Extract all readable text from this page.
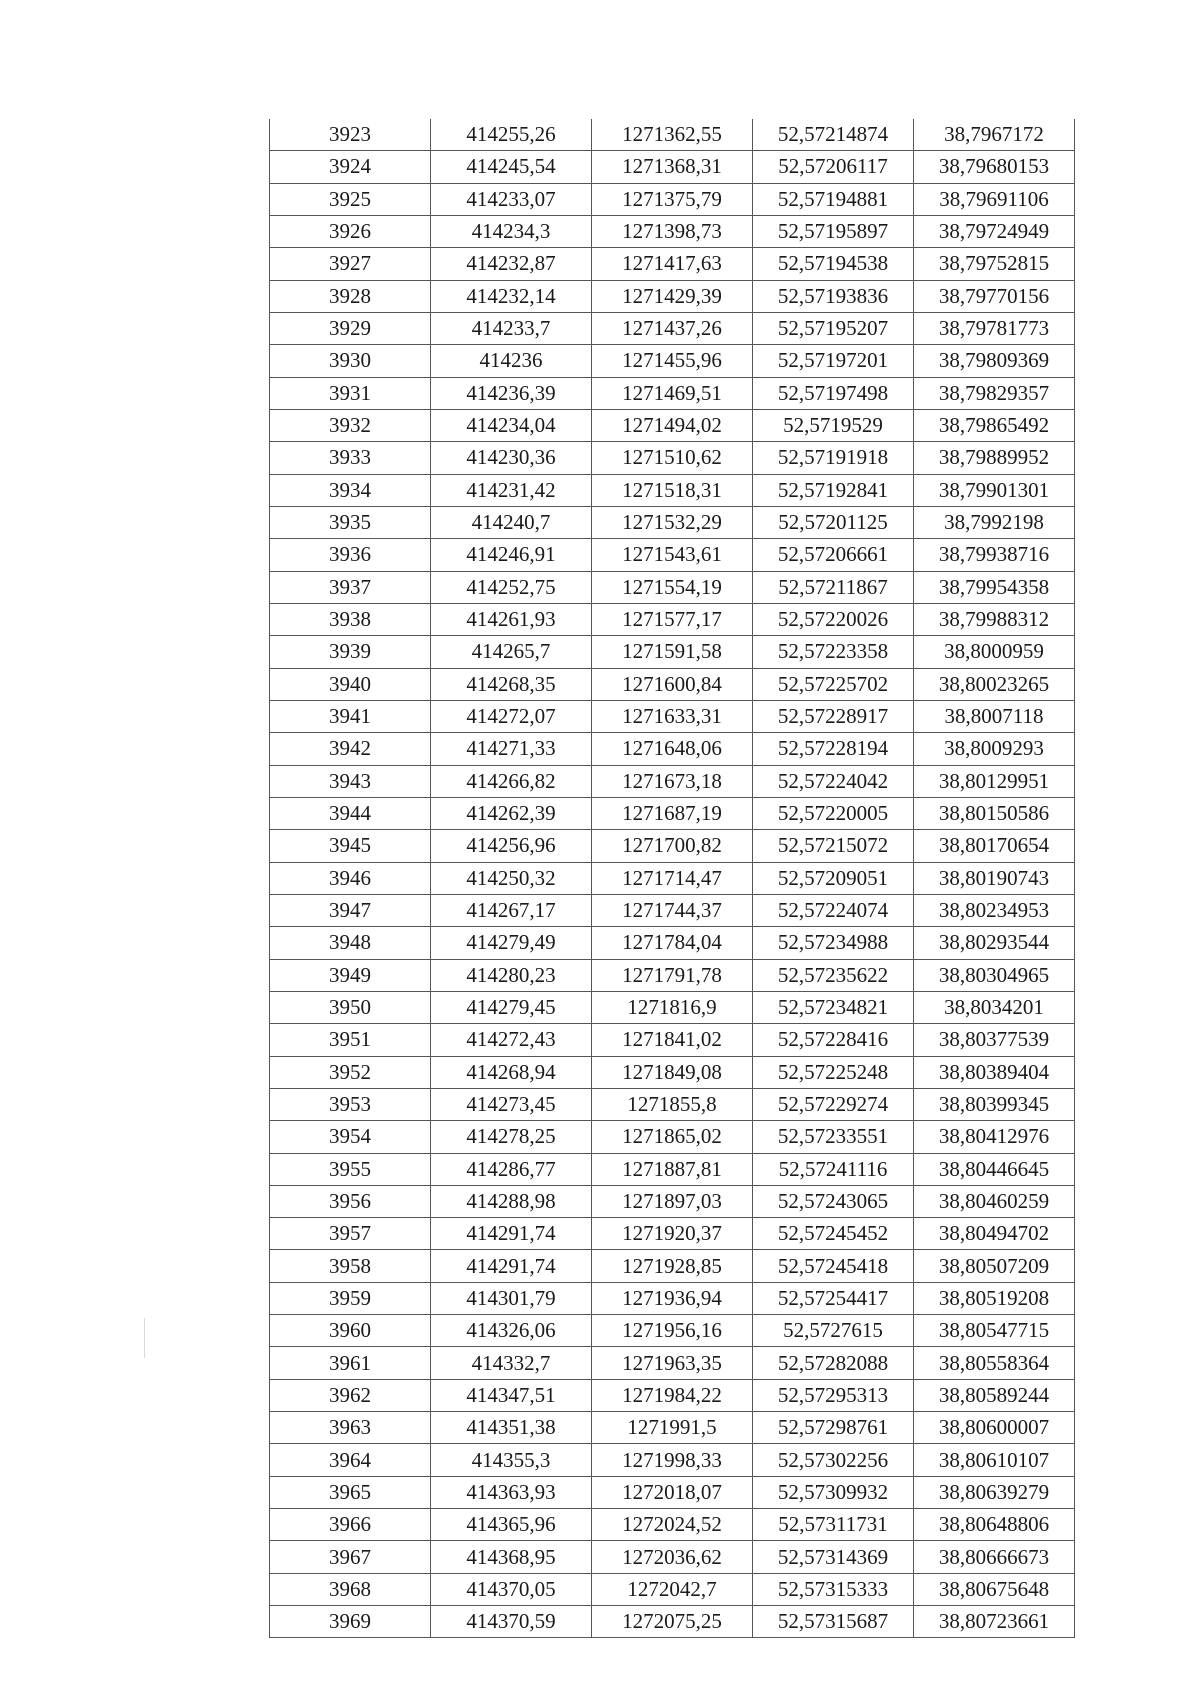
3923	414255,26	1271362,55	52,57214874	38,7967172
3924	414245,54	1271368,31	52,57206117	38,79680153
3925	414233,07	1271375,79	52,57194881	38,79691106
3926	414234,3	1271398,73	52,57195897	38,79724949
3927	414232,87	1271417,63	52,57194538	38,79752815
3928	414232,14	1271429,39	52,57193836	38,79770156
3929	414233,7	1271437,26	52,57195207	38,79781773
3930	414236	1271455,96	52,57197201	38,79809369
3931	414236,39	1271469,51	52,57197498	38,79829357
3932	414234,04	1271494,02	52,5719529	38,79865492
3933	414230,36	1271510,62	52,57191918	38,79889952
3934	414231,42	1271518,31	52,57192841	38,79901301
3935	414240,7	1271532,29	52,57201125	38,7992198
3936	414246,91	1271543,61	52,57206661	38,79938716
3937	414252,75	1271554,19	52,57211867	38,79954358
3938	414261,93	1271577,17	52,57220026	38,79988312
3939	414265,7	1271591,58	52,57223358	38,8000959
3940	414268,35	1271600,84	52,57225702	38,80023265
3941	414272,07	1271633,31	52,57228917	38,8007118
3942	414271,33	1271648,06	52,57228194	38,8009293
3943	414266,82	1271673,18	52,57224042	38,80129951
3944	414262,39	1271687,19	52,57220005	38,80150586
3945	414256,96	1271700,82	52,57215072	38,80170654
3946	414250,32	1271714,47	52,57209051	38,80190743
3947	414267,17	1271744,37	52,57224074	38,80234953
3948	414279,49	1271784,04	52,57234988	38,80293544
3949	414280,23	1271791,78	52,57235622	38,80304965
3950	414279,45	1271816,9	52,57234821	38,8034201
3951	414272,43	1271841,02	52,57228416	38,80377539
3952	414268,94	1271849,08	52,57225248	38,80389404
3953	414273,45	1271855,8	52,57229274	38,80399345
3954	414278,25	1271865,02	52,57233551	38,80412976
3955	414286,77	1271887,81	52,57241116	38,80446645
3956	414288,98	1271897,03	52,57243065	38,80460259
3957	414291,74	1271920,37	52,57245452	38,80494702
3958	414291,74	1271928,85	52,57245418	38,80507209
3959	414301,79	1271936,94	52,57254417	38,80519208
3960	414326,06	1271956,16	52,5727615	38,80547715
3961	414332,7	1271963,35	52,57282088	38,80558364
3962	414347,51	1271984,22	52,57295313	38,80589244
3963	414351,38	1271991,5	52,57298761	38,80600007
3964	414355,3	1271998,33	52,57302256	38,80610107
3965	414363,93	1272018,07	52,57309932	38,80639279
3966	414365,96	1272024,52	52,57311731	38,80648806
3967	414368,95	1272036,62	52,57314369	38,80666673
3968	414370,05	1272042,7	52,57315333	38,80675648
3969	414370,59	1272075,25	52,57315687	38,80723661
